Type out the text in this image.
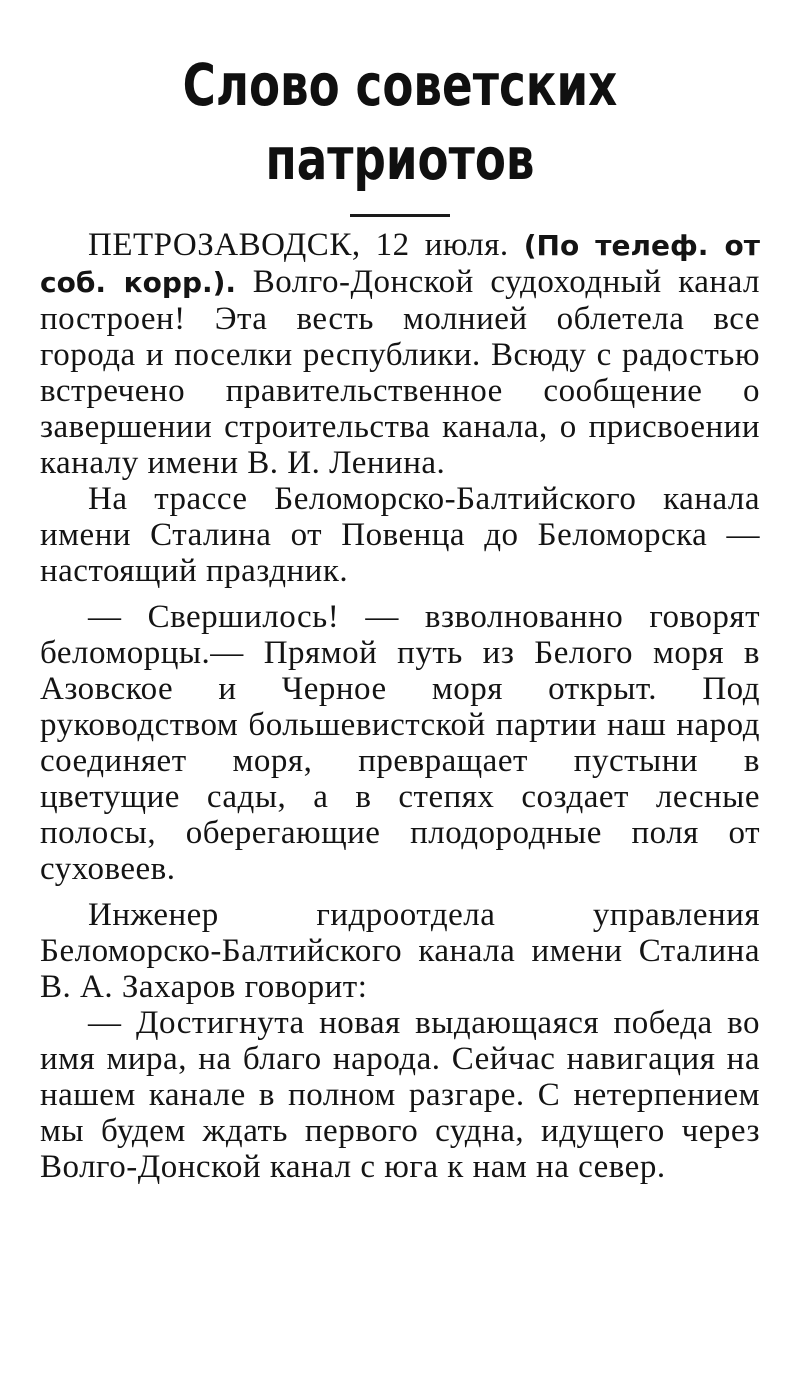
Слово советских
патриотов

ПЕТРОЗАВОДСК, 12 июля. (По телеф. от соб. корр.). Волго-Донской судоходный канал построен! Эта весть молнией облетела все города и поселки республики. Всюду с радостью встречено правительственное сообщение о завершении строительства канала, о присвоении каналу имени В. И. Ленина.

На трассе Беломорско-Балтийского канала имени Сталина от Повенца до Беломорска — настоящий праздник.

— Свершилось! — взволнованно говорят беломорцы.— Прямой путь из Белого моря в Азовское и Черное моря открыт. Под руководством большевистской партии наш народ соединяет моря, превращает пустыни в цветущие сады, а в степях создает лесные полосы, оберегающие плодородные поля от суховеев.

Инженер гидроотдела управления Беломорско-Балтийского канала имени Сталина В. А. Захаров говорит:

— Достигнута новая выдающаяся победа во имя мира, на благо народа. Сейчас навигация на нашем канале в полном разгаре. С нетерпением мы будем ждать первого судна, идущего через Волго-Донской канал с юга к нам на север.
